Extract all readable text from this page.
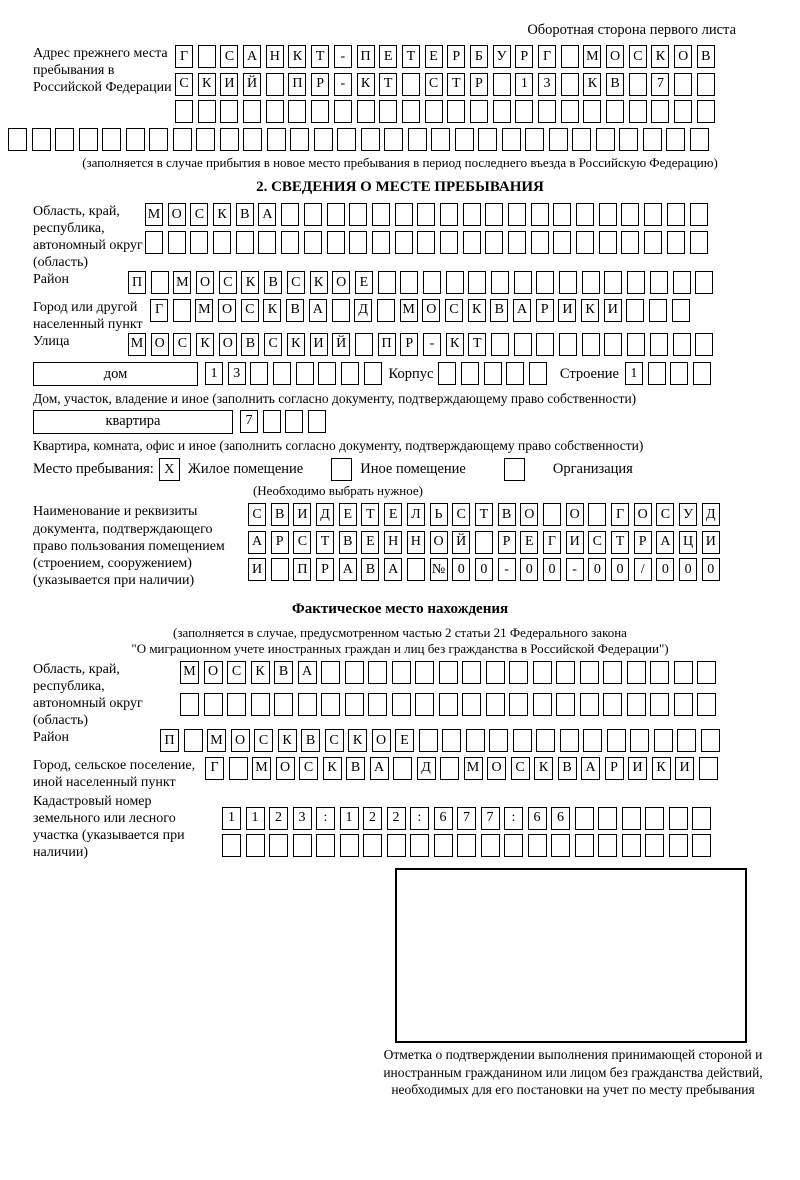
Оборотная сторона первого листа
Адрес прежнего места пребывания в Российской Федерации
Г	С А Н К Т	-	П Е	Т	Е	Р	Б У Р	Г	М О С К О В
С К И Й	П Р	-	К Т	С Т	Р	1	3	К В	7
(заполняется в случае прибытия в новое место пребывания в период последнего въезда в Российскую Федерацию)
2. СВЕДЕНИЯ О МЕСТЕ ПРЕБЫВАНИЯ
Область, край, республика, автономный округ (область)
М О С К В А
Район	П М О С К В С К О Е
Город или другой населенный пункт
Г	М О С К В А	Д	М О С К В А Р И К И
Улица	М О С К О В С К И Й	П Р	-	К Т
дом	1	3	Корпус	Строение 1
Дом, участок, владение и иное (заполнить согласно документу, подтверждающему право собственности)
квартира	7
Квартира, комната, офис и иное (заполнить согласно документу, подтверждающему право собственности)
Место пребывания: X Жилое помещение	Иное помещение	Организация
(Необходимо выбрать нужное)
Наименование и реквизиты документа, подтверждающего право пользования помещением (строением, сооружением) (указывается при наличии)
С В И Д Е	Т	Е Л Ь	С Т В О	О	Г О С У Д
А Р	С Т В Е Н Н О Й	Р	Е	Г И С Т	Р А Ц И
И	П Р А В А № 0	0	-	0	0	-	0	0	/	0	0	0
Фактическое место нахождения
(заполняется в случае, предусмотренном частью 2 статьи 21 Федерального закона
"О миграционном учете иностранных граждан и лиц без гражданства в Российской Федерации")
Область, край, республика, автономный округ (область)
М О С	К	В А
Район	П	М О С	К	В	С	К О	Е
Город, сельское поселение, иной населенный пункт
Г	М О С	К	В А	Д	М О С	К	В А	Р	И К И
Кадастровый номер земельного или лесного участка (указывается при наличии)
1	1	2	3	:	1	2	2	:	6	7	7	:	6	6
Отметка о подтверждении выполнения принимающей стороной и иностранным гражданином или лицом без гражданства действий, необходимых для его постановки на учет по месту пребывания
